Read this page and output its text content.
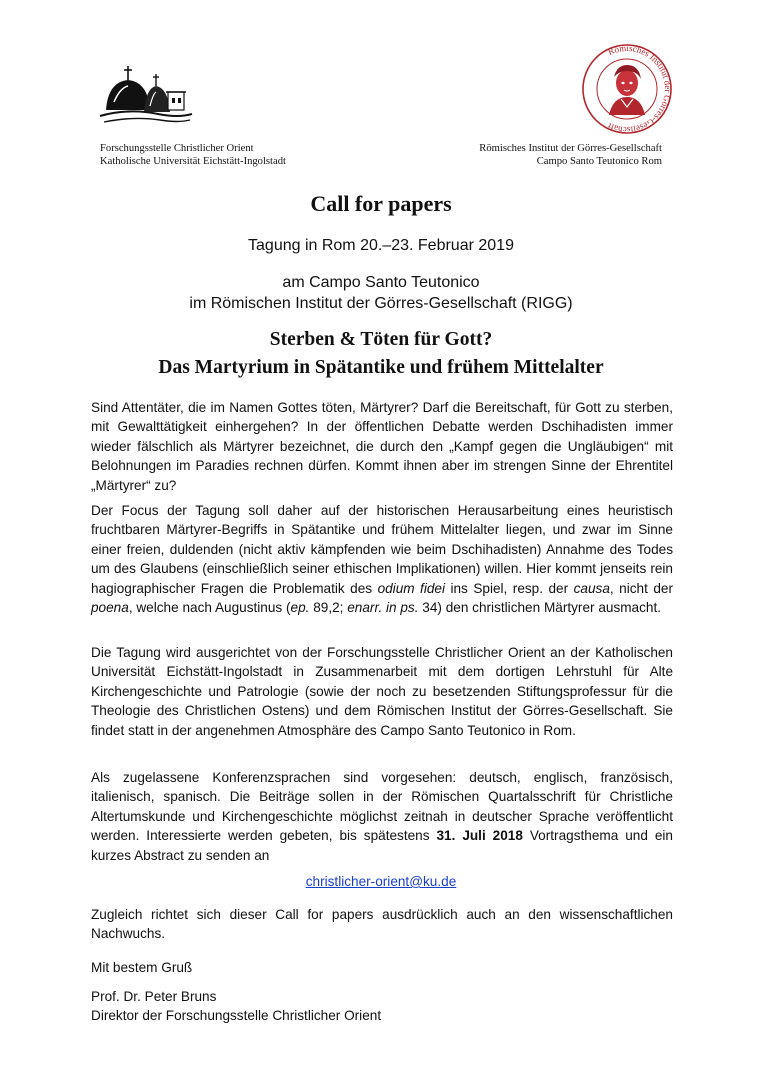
Römisches Institut der Görres-Gesellschaft
Forschungsstelle Christlicher Orient
Katholische Universität Eichstätt-Ingolstadt
Römisches Institut der Görres-Gesellschaft
Campo Santo Teutonico Rom
Call for papers
Tagung in Rom 20.–23. Februar 2019
am Campo Santo Teutonico
im Römischen Institut der Görres-Gesellschaft (RIGG)
Sterben & Töten für Gott?
Das Martyrium in Spätantike und frühem Mittelalter

Sind Attentäter, die im Namen Gottes töten, Märtyrer? Darf die Bereitschaft, für Gott zu sterben, mit Gewalttätigkeit einhergehen? In der öffentlichen Debatte werden Dschihadisten immer wieder fälschlich als Märtyrer bezeichnet, die durch den „Kampf gegen die Ungläubigen“ mit Belohnungen im Paradies rechnen dürfen. Kommt ihnen aber im strengen Sinne der Ehrentitel „Märtyrer“ zu?

Der Focus der Tagung soll daher auf der historischen Herausarbeitung eines heuristisch fruchtbaren Märtyrer-Begriffs in Spätantike und frühem Mittelalter liegen, und zwar im Sinne einer freien, duldenden (nicht aktiv kämpfenden wie beim Dschihadisten) Annahme des Todes um des Glaubens (einschließlich seiner ethischen Implikationen) willen. Hier kommt jenseits rein hagiographischer Fragen die Problematik des odium fidei ins Spiel, resp. der causa, nicht der poena, welche nach Augustinus (ep. 89,2; enarr. in ps. 34) den christlichen Märtyrer ausmacht.

Die Tagung wird ausgerichtet von der Forschungsstelle Christlicher Orient an der Katholischen Universität Eichstätt-Ingolstadt in Zusammenarbeit mit dem dortigen Lehrstuhl für Alte Kirchengeschichte und Patrologie (sowie der noch zu besetzenden Stiftungsprofessur für die Theologie des Christlichen Ostens) und dem Römischen Institut der Görres-Gesellschaft. Sie findet statt in der angenehmen Atmosphäre des Campo Santo Teutonico in Rom.

Als zugelassene Konferenzsprachen sind vorgesehen: deutsch, englisch, französisch, italienisch, spanisch. Die Beiträge sollen in der Römischen Quartalsschrift für Christliche Altertumskunde und Kirchengeschichte möglichst zeitnah in deutscher Sprache veröffentlicht werden. Interessierte werden gebeten, bis spätestens 31. Juli 2018 Vortragsthema und ein kurzes Abstract zu senden an

christlicher-orient@ku.de

Zugleich richtet sich dieser Call for papers ausdrücklich auch an den wissenschaftlichen Nachwuchs.

Mit bestem Gruß

Prof. Dr. Peter Bruns

Direktor der Forschungsstelle Christlicher Orient
